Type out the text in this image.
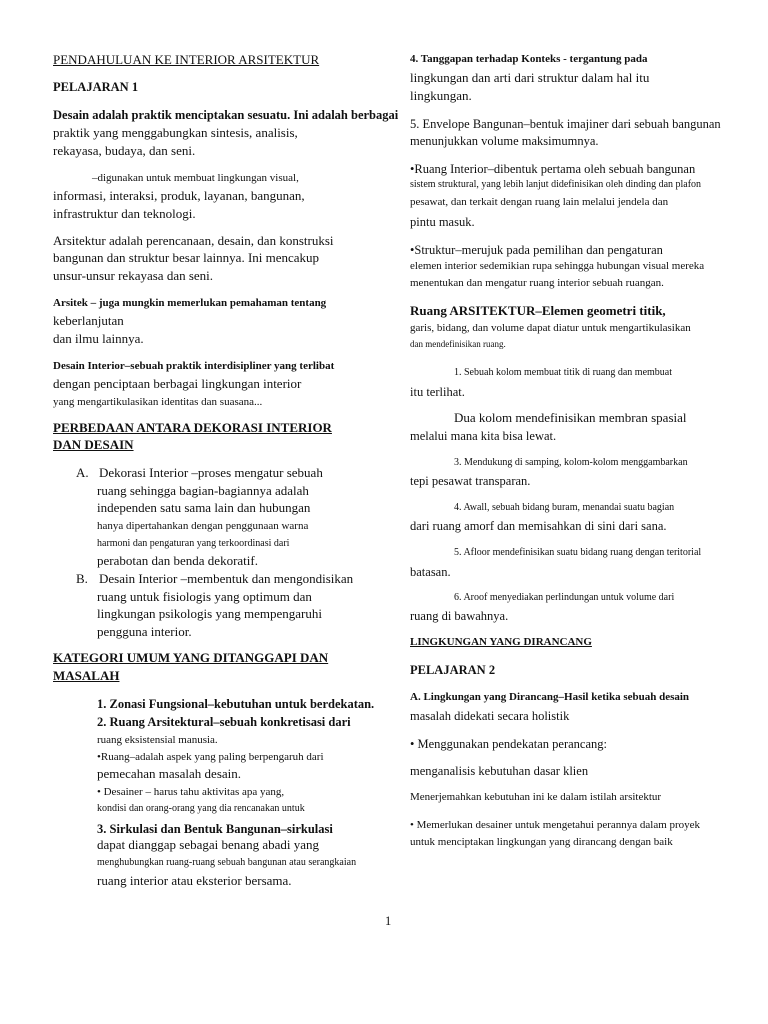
PENDAHULUAN KE INTERIOR ARSITEKTUR
PELAJARAN 1
Desain adalah praktik menciptakan sesuatu. Ini adalah berbagai
praktik yang menggabungkan sintesis, analisis,
rekayasa, budaya, dan seni.
–digunakan untuk membuat lingkungan visual,
informasi, interaksi, produk, layanan, bangunan,
infrastruktur dan teknologi.
Arsitektur adalah perencanaan, desain, dan konstruksi
bangunan dan struktur besar lainnya. Ini mencakup
unsur-unsur rekayasa dan seni.
Arsitek – juga mungkin memerlukan pemahaman tentang
keberlanjutan
dan ilmu lainnya.
Desain Interior–sebuah praktik interdisipliner yang terlibat
dengan penciptaan berbagai lingkungan interior
yang mengartikulasikan identitas dan suasana...
PERBEDAAN ANTARA DEKORASI INTERIOR
DAN DESAIN
A. Dekorasi Interior –proses mengatur sebuah
ruang sehingga bagian-bagiannya adalah
independen satu sama lain dan hubungan
hanya dipertahankan dengan penggunaan warna
harmoni dan pengaturan yang terkoordinasi dari
perabotan dan benda dekoratif.
B. Desain Interior –membentuk dan mengondisikan
ruang untuk fisiologis yang optimum dan
lingkungan psikologis yang mempengaruhi
pengguna interior.
KATEGORI UMUM YANG DITANGGAPI DAN
MASALAH
1. Zonasi Fungsional–kebutuhan untuk berdekatan.
2. Ruang Arsitektural–sebuah konkretisasi dari
ruang eksistensial manusia.
•Ruang–adalah aspek yang paling berpengaruh dari
pemecahan masalah desain.
• Desainer – harus tahu aktivitas apa yang,
kondisi dan orang-orang yang dia rencanakan untuk
3. Sirkulasi dan Bentuk Bangunan–sirkulasi
dapat dianggap sebagai benang abadi yang
menghubungkan ruang-ruang sebuah bangunan atau serangkaian
ruang interior atau eksterior bersama.
4. Tanggapan terhadap Konteks - tergantung pada
lingkungan dan arti dari struktur dalam hal itu
lingkungan.
5. Envelope Bangunan–bentuk imajiner dari sebuah bangunan
menunjukkan volume maksimumnya.
•Ruang Interior–dibentuk pertama oleh sebuah bangunan
sistem struktural, yang lebih lanjut didefinisikan oleh dinding dan plafon
pesawat, dan terkait dengan ruang lain melalui jendela dan
pintu masuk.
•Struktur–merujuk pada pemilihan dan pengaturan
elemen interior sedemikian rupa sehingga hubungan visual mereka
menentukan dan mengatur ruang interior sebuah ruangan.
Ruang ARSITEKTUR–Elemen geometri titik,
garis, bidang, dan volume dapat diatur untuk mengartikulasikan
dan mendefinisikan ruang.
1. Sebuah kolom membuat titik di ruang dan membuat
itu terlihat.
Dua kolom mendefinisikan membran spasial
melalui mana kita bisa lewat.
3. Mendukung di samping, kolom-kolom menggambarkan
tepi pesawat transparan.
4. Awall, sebuah bidang buram, menandai suatu bagian
dari ruang amorf dan memisahkan di sini dari sana.
5. Afloor mendefinisikan suatu bidang ruang dengan teritorial
batasan.
6. Aroof menyediakan perlindungan untuk volume dari
ruang di bawahnya.
LINGKUNGAN YANG DIRANCANG
PELAJARAN 2
A. Lingkungan yang Dirancang–Hasil ketika sebuah desain
masalah didekati secara holistik
• Menggunakan pendekatan perancang:
menganalisis kebutuhan dasar klien
Menerjemahkan kebutuhan ini ke dalam istilah arsitektur
• Memerlukan desainer untuk mengetahui perannya dalam proyek
untuk menciptakan lingkungan yang dirancang dengan baik
1
